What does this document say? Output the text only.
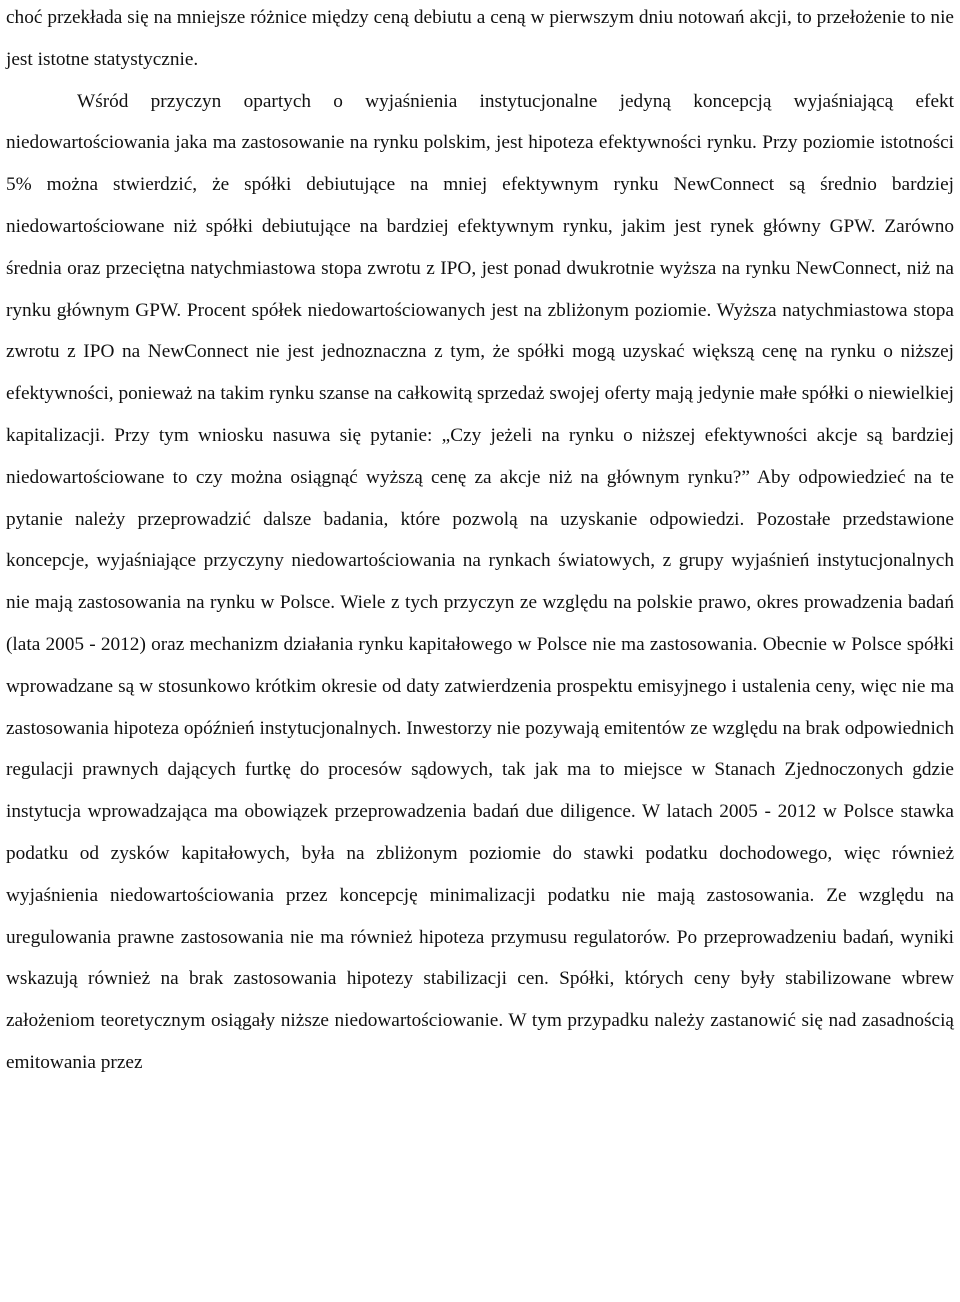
choć przekłada się na mniejsze różnice między ceną debiutu a ceną w pierwszym dniu notowań akcji, to przełożenie to nie jest istotne statystycznie.

Wśród przyczyn opartych o wyjaśnienia instytucjonalne jedyną koncepcją wyjaśniającą efekt niedowartościowania jaka ma zastosowanie na rynku polskim, jest hipoteza efektywności rynku. Przy poziomie istotności 5% można stwierdzić, że spółki debiutujące na mniej efektywnym rynku NewConnect są średnio bardziej niedowartościowane niż spółki debiutujące na bardziej efektywnym rynku, jakim jest rynek główny GPW. Zarówno średnia oraz przeciętna natychmiastowa stopa zwrotu z IPO, jest ponad dwukrotnie wyższa na rynku NewConnect, niż na rynku głównym GPW. Procent spółek niedowartościowanych jest na zbliżonym poziomie. Wyższa natychmiastowa stopa zwrotu z IPO na NewConnect nie jest jednoznaczna z tym, że spółki mogą uzyskać większą cenę na rynku o niższej efektywności, ponieważ na takim rynku szanse na całkowitą sprzedaż swojej oferty mają jedynie małe spółki o niewielkiej kapitalizacji. Przy tym wniosku nasuwa się pytanie: „Czy jeżeli na rynku o niższej efektywności akcje są bardziej niedowartościowane to czy można osiągnąć wyższą cenę za akcje niż na głównym rynku?” Aby odpowiedzieć na te pytanie należy przeprowadzić dalsze badania, które pozwolą na uzyskanie odpowiedzi. Pozostałe przedstawione koncepcje, wyjaśniające przyczyny niedowartościowania na rynkach światowych, z grupy wyjaśnień instytucjonalnych nie mają zastosowania na rynku w Polsce. Wiele z tych przyczyn ze względu na polskie prawo, okres prowadzenia badań (lata 2005 - 2012) oraz mechanizm działania rynku kapitałowego w Polsce nie ma zastosowania. Obecnie w Polsce spółki wprowadzane są w stosunkowo krótkim okresie od daty zatwierdzenia prospektu emisyjnego i ustalenia ceny, więc nie ma zastosowania hipoteza opóźnień instytucjonalnych. Inwestorzy nie pozywają emitentów ze względu na brak odpowiednich regulacji prawnych dających furtkę do procesów sądowych, tak jak ma to miejsce w Stanach Zjednoczonych gdzie instytucja wprowadzająca ma obowiązek przeprowadzenia badań due diligence. W latach 2005 - 2012 w Polsce stawka podatku od zysków kapitałowych, była na zbliżonym poziomie do stawki podatku dochodowego, więc również wyjaśnienia niedowartościowania przez koncepcję minimalizacji podatku nie mają zastosowania. Ze względu na uregulowania prawne zastosowania nie ma również hipoteza przymusu regulatorów. Po przeprowadzeniu badań, wyniki wskazują również na brak zastosowania hipotezy stabilizacji cen. Spółki, których ceny były stabilizowane wbrew założeniom teoretycznym osiągały niższe niedowartościowanie. W tym przypadku należy zastanowić się nad zasadnością emitowania przez
